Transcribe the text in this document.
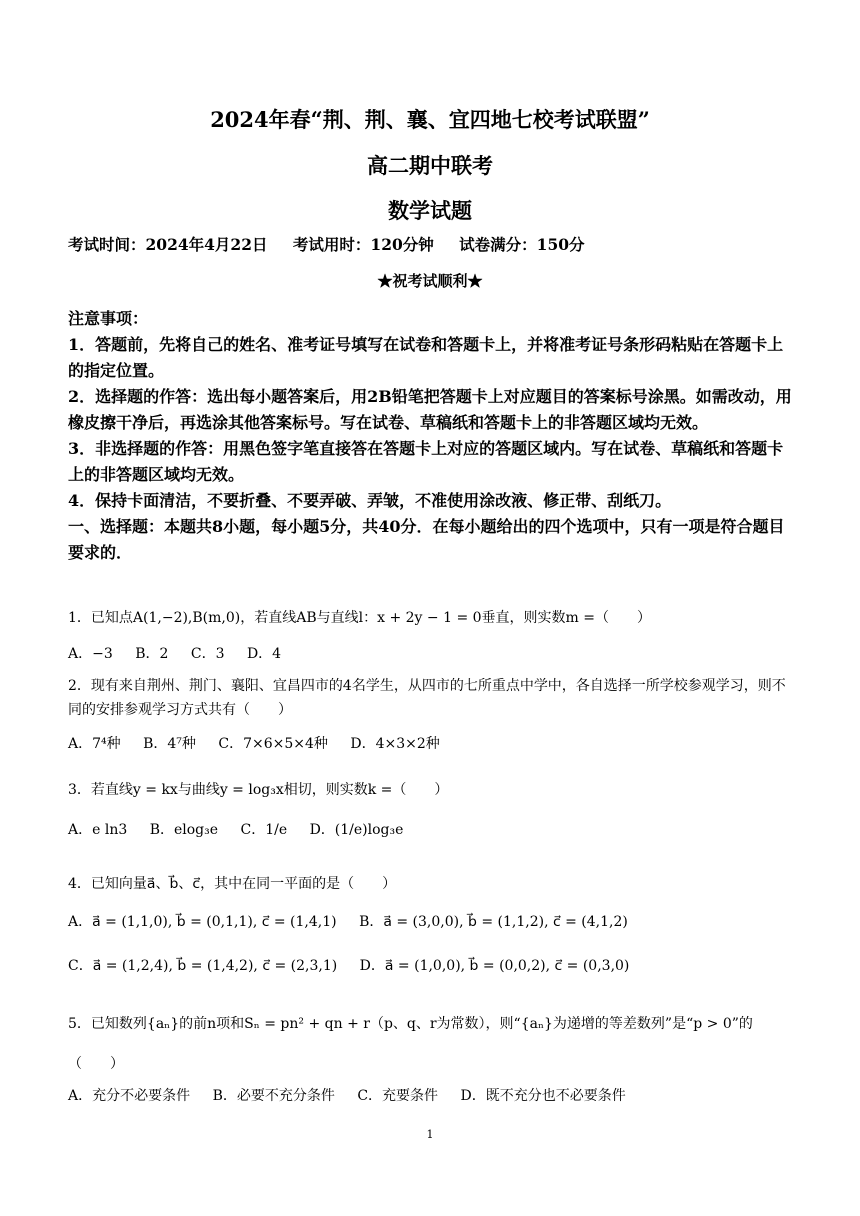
2024年春“荆、荆、襄、宜四地七校考试联盟”
高二期中联考
数学试题
考试时间：2024年4月22日 考试用时：120分钟 试卷满分：150分
★祝考试顺利★

注意事项：

1．答题前，先将自己的姓名、准考证号填写在试卷和答题卡上，并将准考证号条形码粘贴在答题卡上的指定位置。

2．选择题的作答：选出每小题答案后，用2B铅笔把答题卡上对应题目的答案标号涂黑。如需改动，用橡皮擦干净后，再选涂其他答案标号。写在试卷、草稿纸和答题卡上的非答题区域均无效。

3．非选择题的作答：用黑色签字笔直接答在答题卡上对应的答题区域内。写在试卷、草稿纸和答题卡上的非答题区域均无效。

4．保持卡面清洁，不要折叠、不要弄破、弄皱，不准使用涂改液、修正带、刮纸刀。

一、选择题：本题共8小题，每小题5分，共40分．在每小题给出的四个选项中，只有一项是符合题目要求的．

1．已知点A(1,−2),B(m,0)，若直线AB与直线l：x + 2y − 1 = 0垂直，则实数m =（　　）

A．−3 B．2 C．3 D．4

2．现有来自荆州、荆门、襄阳、宜昌四市的4名学生，从四市的七所重点中学中，各自选择一所学校参观学习，则不同的安排参观学习方式共有（　　）

A．7⁴种 B．4⁷种 C．7×6×5×4种 D．4×3×2种

3．若直线y = kx与曲线y = log₃x相切，则实数k =（　　）

A．e ln3 B．elog₃e C．1/e D．(1/e)log₃e

4．已知向量a⃗、b⃗、c⃗，其中在同一平面的是（　　）

A．a⃗ = (1,1,0), b⃗ = (0,1,1), c⃗ = (1,4,1) B．a⃗ = (3,0,0), b⃗ = (1,1,2), c⃗ = (4,1,2)

C．a⃗ = (1,2,4), b⃗ = (1,4,2), c⃗ = (2,3,1) D．a⃗ = (1,0,0), b⃗ = (0,0,2), c⃗ = (0,3,0)

5．已知数列{aₙ}的前n项和Sₙ = pn² + qn + r（p、q、r为常数），则“{aₙ}为递增的等差数列”是“p > 0”的（　　）

A．充分不必要条件 B．必要不充分条件 C．充要条件 D．既不充分也不必要条件

1
